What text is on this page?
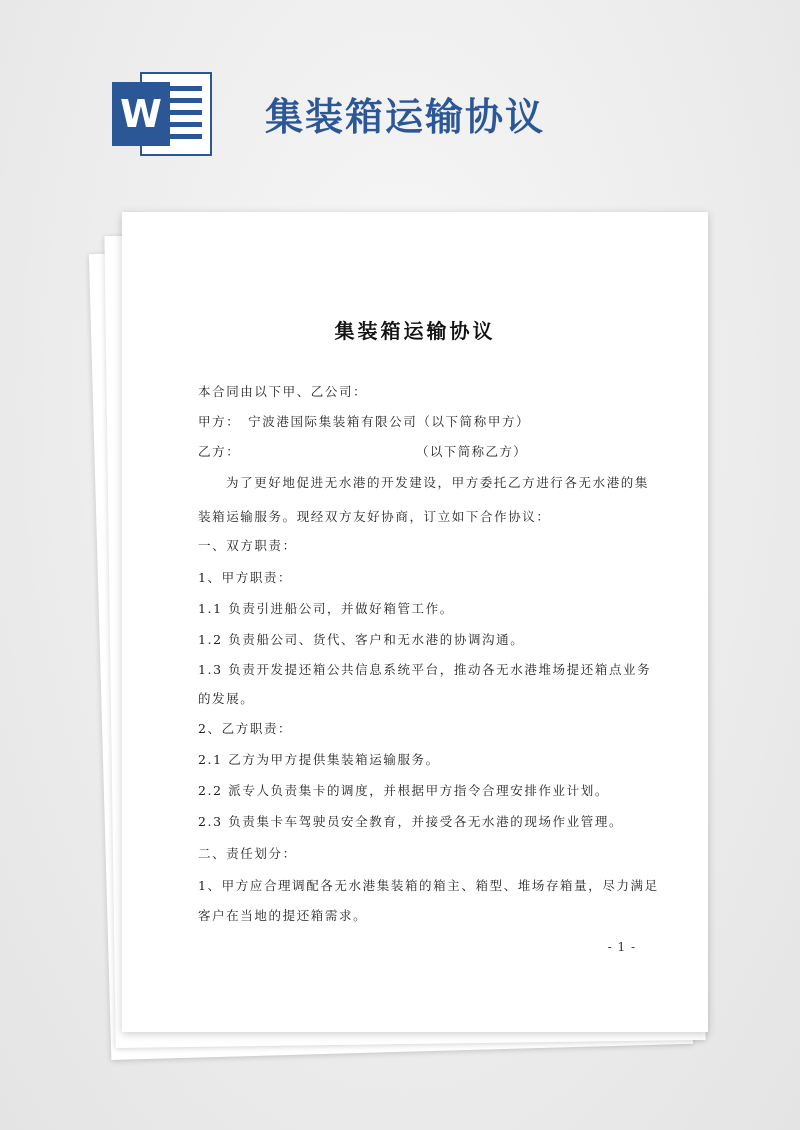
W	集装箱运输协议
集装箱运输协议
本合同由以下甲、乙公司：
甲方：　宁波港国际集装箱有限公司（以下简称甲方）
乙方：	（以下简称乙方）
为了更好地促进无水港的开发建设，甲方委托乙方进行各无水港的集
装箱运输服务。现经双方友好协商，订立如下合作协议：
一、双方职责：
1、甲方职责：
1.1 负责引进船公司，并做好箱管工作。
1.2 负责船公司、货代、客户和无水港的协调沟通。
1.3 负责开发提还箱公共信息系统平台，推动各无水港堆场提还箱点业务
的发展。
2、乙方职责：
2.1 乙方为甲方提供集装箱运输服务。
2.2 派专人负责集卡的调度，并根据甲方指令合理安排作业计划。
2.3 负责集卡车驾驶员安全教育，并接受各无水港的现场作业管理。
二、责任划分：
1、甲方应合理调配各无水港集装箱的箱主、箱型、堆场存箱量，尽力满足
客户在当地的提还箱需求。
- 1 -
